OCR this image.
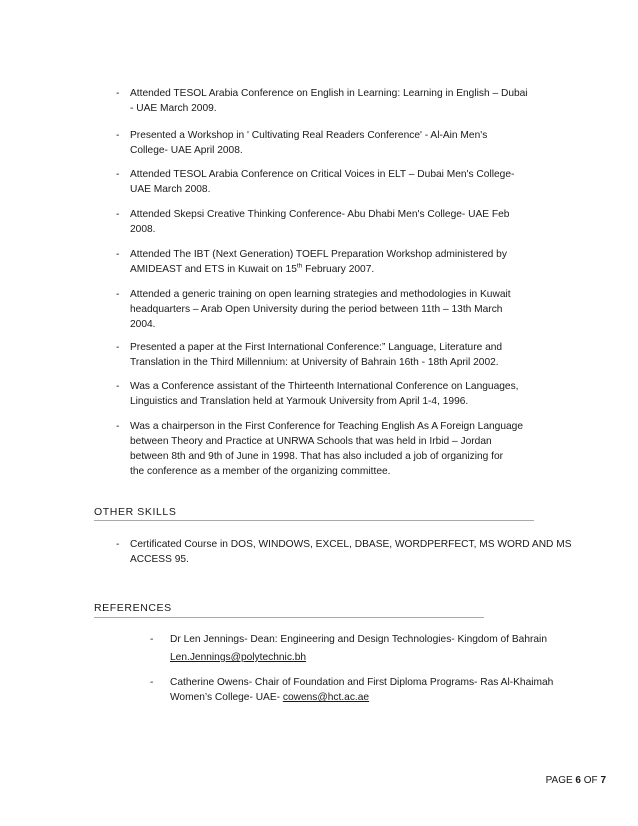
- Attended TESOL Arabia Conference on English in Learning: Learning in English – Dubai
- UAE March 2009.
- Presented a Workshop in ' Cultivating Real Readers Conference' - Al-Ain Men's
College- UAE April 2008.
- Attended TESOL Arabia Conference on Critical Voices in ELT – Dubai Men's College-
UAE March 2008.
- Attended Skepsi Creative Thinking Conference- Abu Dhabi Men's College- UAE Feb
2008.
- Attended The IBT (Next Generation) TOEFL Preparation Workshop administered by
AMIDEAST and ETS in Kuwait on 15th February 2007.
- Attended a generic training on open learning strategies and methodologies in Kuwait
headquarters – Arab Open University during the period between 11th – 13th March
2004.
- Presented a paper at the First International Conference:” Language, Literature and
Translation in the Third Millennium: at University of Bahrain 16th - 18th April 2002.
- Was a Conference assistant of the Thirteenth International Conference on Languages,
Linguistics and Translation held at Yarmouk University from April 1-4, 1996.
- Was a chairperson in the First Conference for Teaching English As A Foreign Language
between Theory and Practice at UNRWA Schools that was held in Irbid – Jordan
between 8th and 9th of June in 1998. That has also included a job of organizing for
the conference as a member of the organizing committee.
OTHER SKILLS
- Certificated Course in DOS, WINDOWS, EXCEL, DBASE, WORDPERFECT, MS WORD AND MS
ACCESS 95.
REFERENCES
- Dr Len Jennings- Dean: Engineering and Design Technologies- Kingdom of Bahrain
Len.Jennings@polytechnic.bh
- Catherine Owens- Chair of Foundation and First Diploma Programs- Ras Al-Khaimah
Women’s College- UAE- cowens@hct.ac.ae
PAGE 6 OF 7
